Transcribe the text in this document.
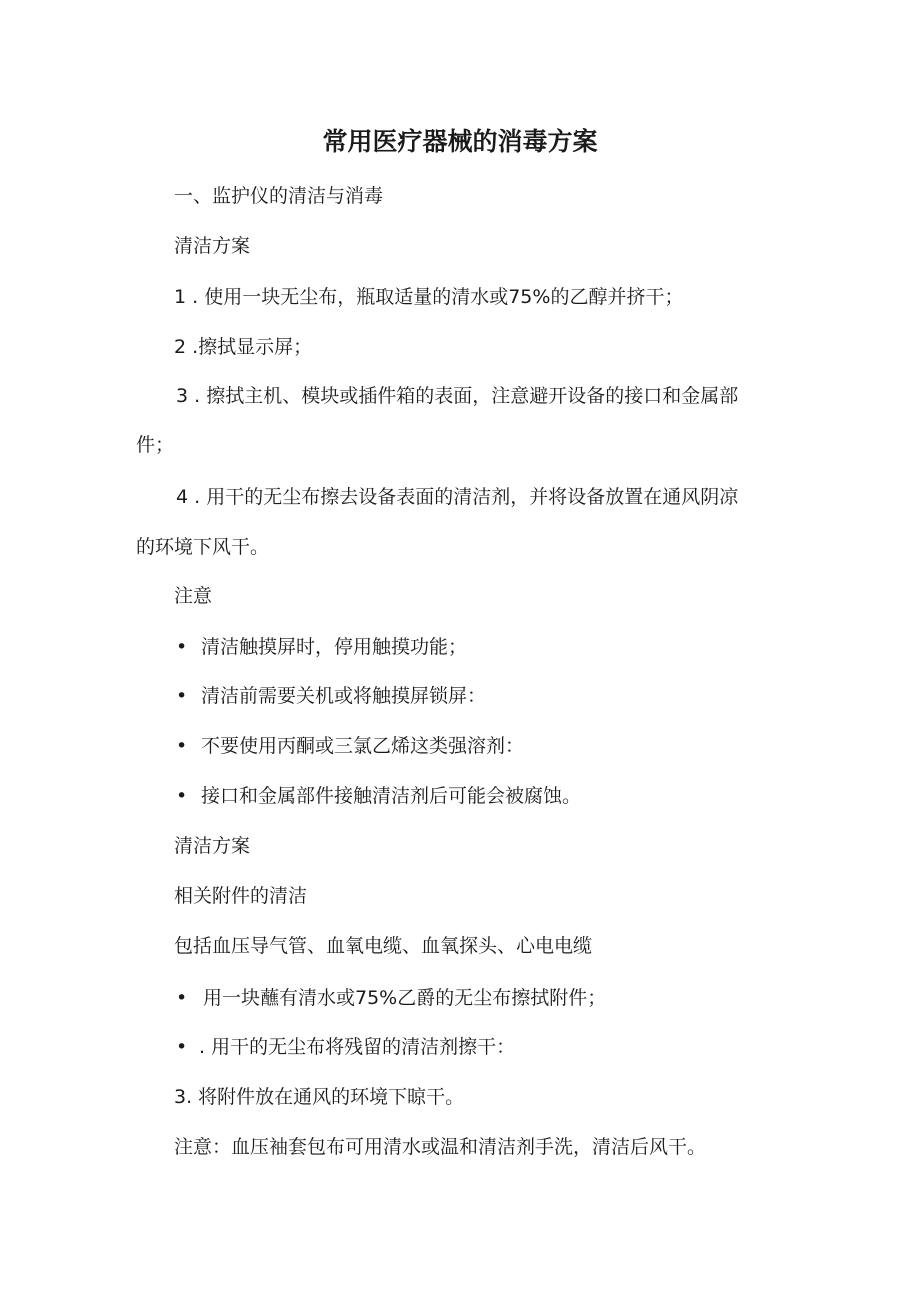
常用医疗器械的消毒方案
一、监护仪的清洁与消毒
清洁方案
1 . 使用一块无尘布，瓶取适量的清水或75%的乙醇并挤干；
2 .擦拭显示屏；
3 . 擦拭主机、模块或插件箱的表面，注意避开设备的接口和金属部
件；
4 . 用干的无尘布擦去设备表面的清洁剂，并将设备放置在通风阴凉
的环境下风干。
注意
• 清洁触摸屏时，停用触摸功能；
• 清洁前需要关机或将触摸屏锁屏：
• 不要使用丙酮或三氯乙烯这类强溶剂：
• 接口和金属部件接触清洁剂后可能会被腐蚀。
清洁方案
相关附件的清洁
包括血压导气管、血氧电缆、血氧探头、心电电缆
• 用一块蘸有清水或75%乙爵的无尘布擦拭附件；
• . 用干的无尘布将残留的清洁剂擦干：
3. 将附件放在通风的环境下晾干。
注意：血压袖套包布可用清水或温和清洁剂手洗，清洁后风干。
